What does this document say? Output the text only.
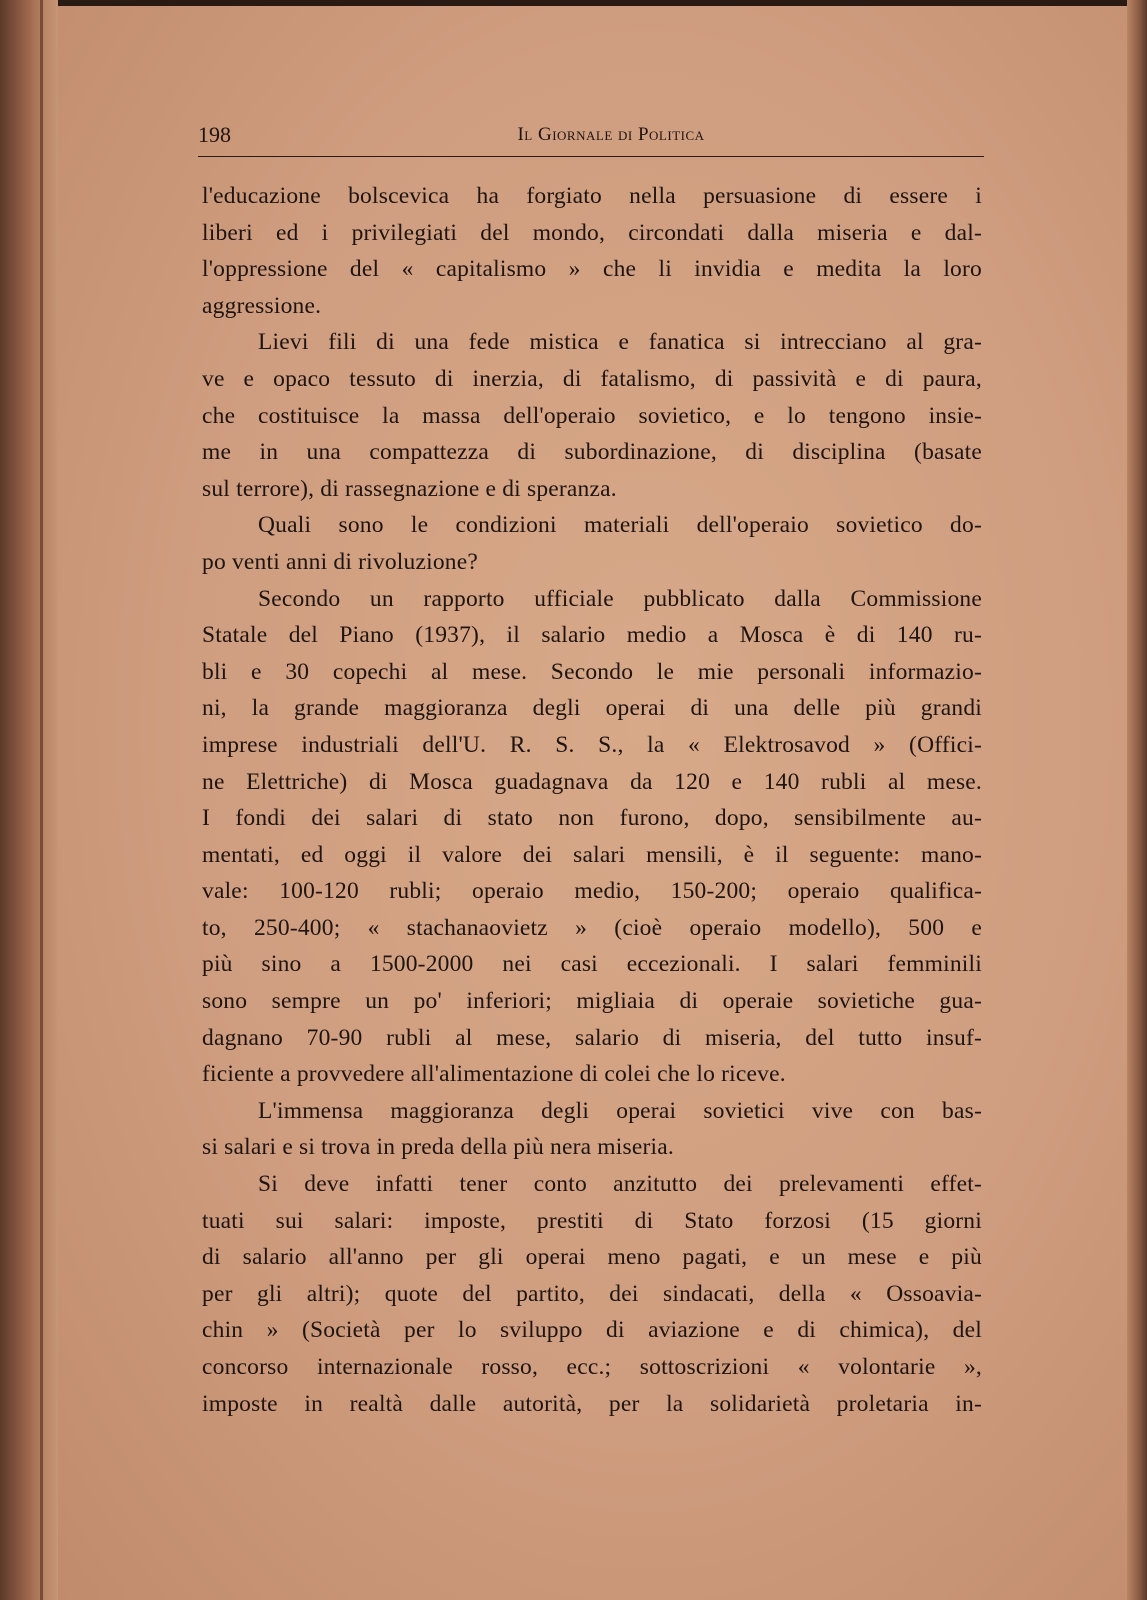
198	Il Giornale di Politica
l'educazione bolscevica ha forgiato nella persuasione di essere i
liberi ed i privilegiati del mondo, circondati dalla miseria e dal-
l'oppressione del « capitalismo » che li invidia e medita la loro
aggressione.
Lievi fili di una fede mistica e fanatica si intrecciano al gra-
ve e opaco tessuto di inerzia, di fatalismo, di passività e di paura,
che costituisce la massa dell'operaio sovietico, e lo tengono insie-
me in una compattezza di subordinazione, di disciplina (basate
sul terrore), di rassegnazione e di speranza.
Quali sono le condizioni materiali dell'operaio sovietico do-
po venti anni di rivoluzione?
Secondo un rapporto ufficiale pubblicato dalla Commissione
Statale del Piano (1937), il salario medio a Mosca è di 140 ru-
bli e 30 copechi al mese. Secondo le mie personali informazio-
ni, la grande maggioranza degli operai di una delle più grandi
imprese industriali dell'U. R. S. S., la « Elektrosavod » (Offici-
ne Elettriche) di Mosca guadagnava da 120 e 140 rubli al mese.
I fondi dei salari di stato non furono, dopo, sensibilmente au-
mentati, ed oggi il valore dei salari mensili, è il seguente: mano-
vale: 100-120 rubli; operaio medio, 150-200; operaio qualifica-
to, 250-400; « stachanaovietz » (cioè operaio modello), 500 e
più sino a 1500-2000 nei casi eccezionali. I salari femminili
sono sempre un po' inferiori; migliaia di operaie sovietiche gua-
dagnano 70-90 rubli al mese, salario di miseria, del tutto insuf-
ficiente a provvedere all'alimentazione di colei che lo riceve.
L'immensa maggioranza degli operai sovietici vive con bas-
si salari e si trova in preda della più nera miseria.
Si deve infatti tener conto anzitutto dei prelevamenti effet-
tuati sui salari: imposte, prestiti di Stato forzosi (15 giorni
di salario all'anno per gli operai meno pagati, e un mese e più
per gli altri); quote del partito, dei sindacati, della « Ossoavia-
chin » (Società per lo sviluppo di aviazione e di chimica), del
concorso internazionale rosso, ecc.; sottoscrizioni « volontarie »,
imposte in realtà dalle autorità, per la solidarietà proletaria in-
